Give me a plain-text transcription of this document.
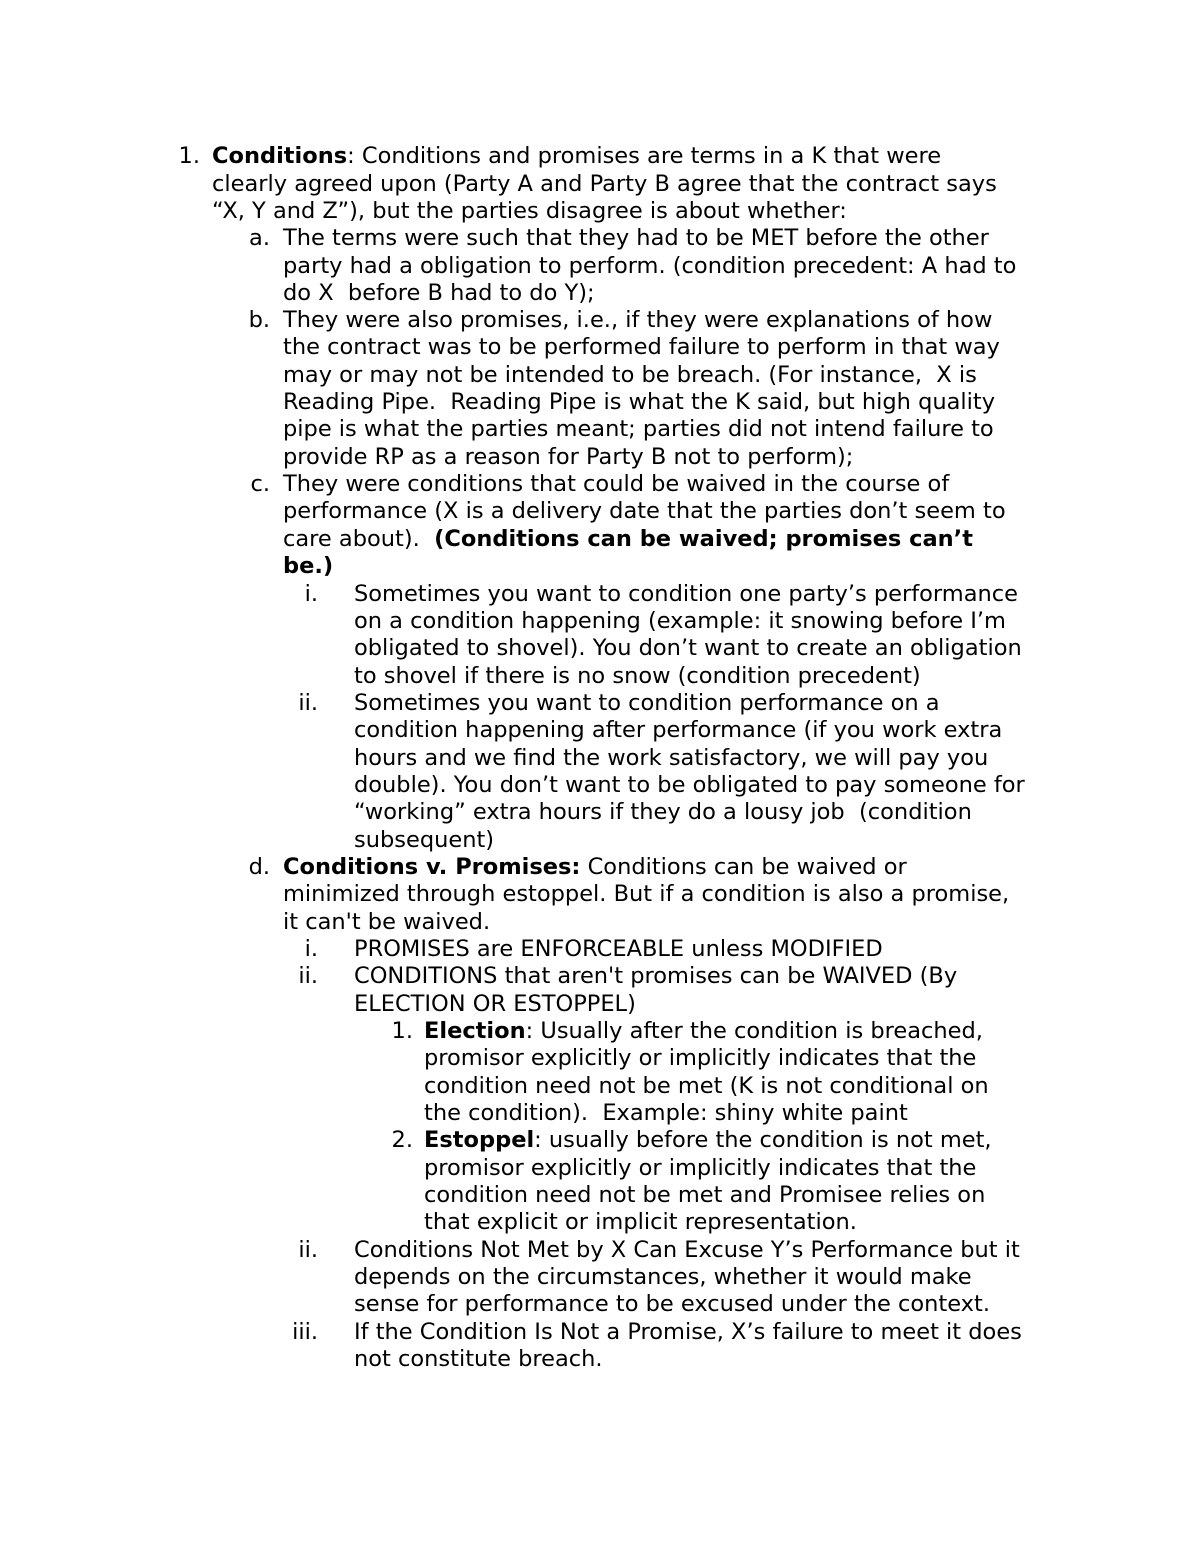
1. Conditions: Conditions and promises are terms in a K that were
clearly agreed upon (Party A and Party B agree that the contract says
“X, Y and Z”), but the parties disagree is about whether:
a. The terms were such that they had to be MET before the other
party had a obligation to perform. (condition precedent: A had to
do X  before B had to do Y);
b. They were also promises, i.e., if they were explanations of how
the contract was to be performed failure to perform in that way
may or may not be intended to be breach. (For instance,  X is
Reading Pipe.  Reading Pipe is what the K said, but high quality
pipe is what the parties meant; parties did not intend failure to
provide RP as a reason for Party B not to perform);
c. They were conditions that could be waived in the course of
performance (X is a delivery date that the parties don’t seem to
care about).  (Conditions can be waived; promises can’t
be.)
i. Sometimes you want to condition one party’s performance
on a condition happening (example: it snowing before I’m
obligated to shovel). You don’t want to create an obligation
to shovel if there is no snow (condition precedent)
ii. Sometimes you want to condition performance on a
condition happening after performance (if you work extra
hours and we find the work satisfactory, we will pay you
double). You don’t want to be obligated to pay someone for
“working” extra hours if they do a lousy job  (condition
subsequent)
d. Conditions v. Promises: Conditions can be waived or
minimized through estoppel. But if a condition is also a promise,
it can't be waived.
i. PROMISES are ENFORCEABLE unless MODIFIED
ii. CONDITIONS that aren't promises can be WAIVED (By
ELECTION OR ESTOPPEL)
1. Election: Usually after the condition is breached,
promisor explicitly or implicitly indicates that the
condition need not be met (K is not conditional on
the condition).  Example: shiny white paint
2. Estoppel: usually before the condition is not met,
promisor explicitly or implicitly indicates that the
condition need not be met and Promisee relies on
that explicit or implicit representation.
ii. Conditions Not Met by X Can Excuse Y’s Performance but it
depends on the circumstances, whether it would make
sense for performance to be excused under the context.
iii. If the Condition Is Not a Promise, X’s failure to meet it does
not constitute breach.
